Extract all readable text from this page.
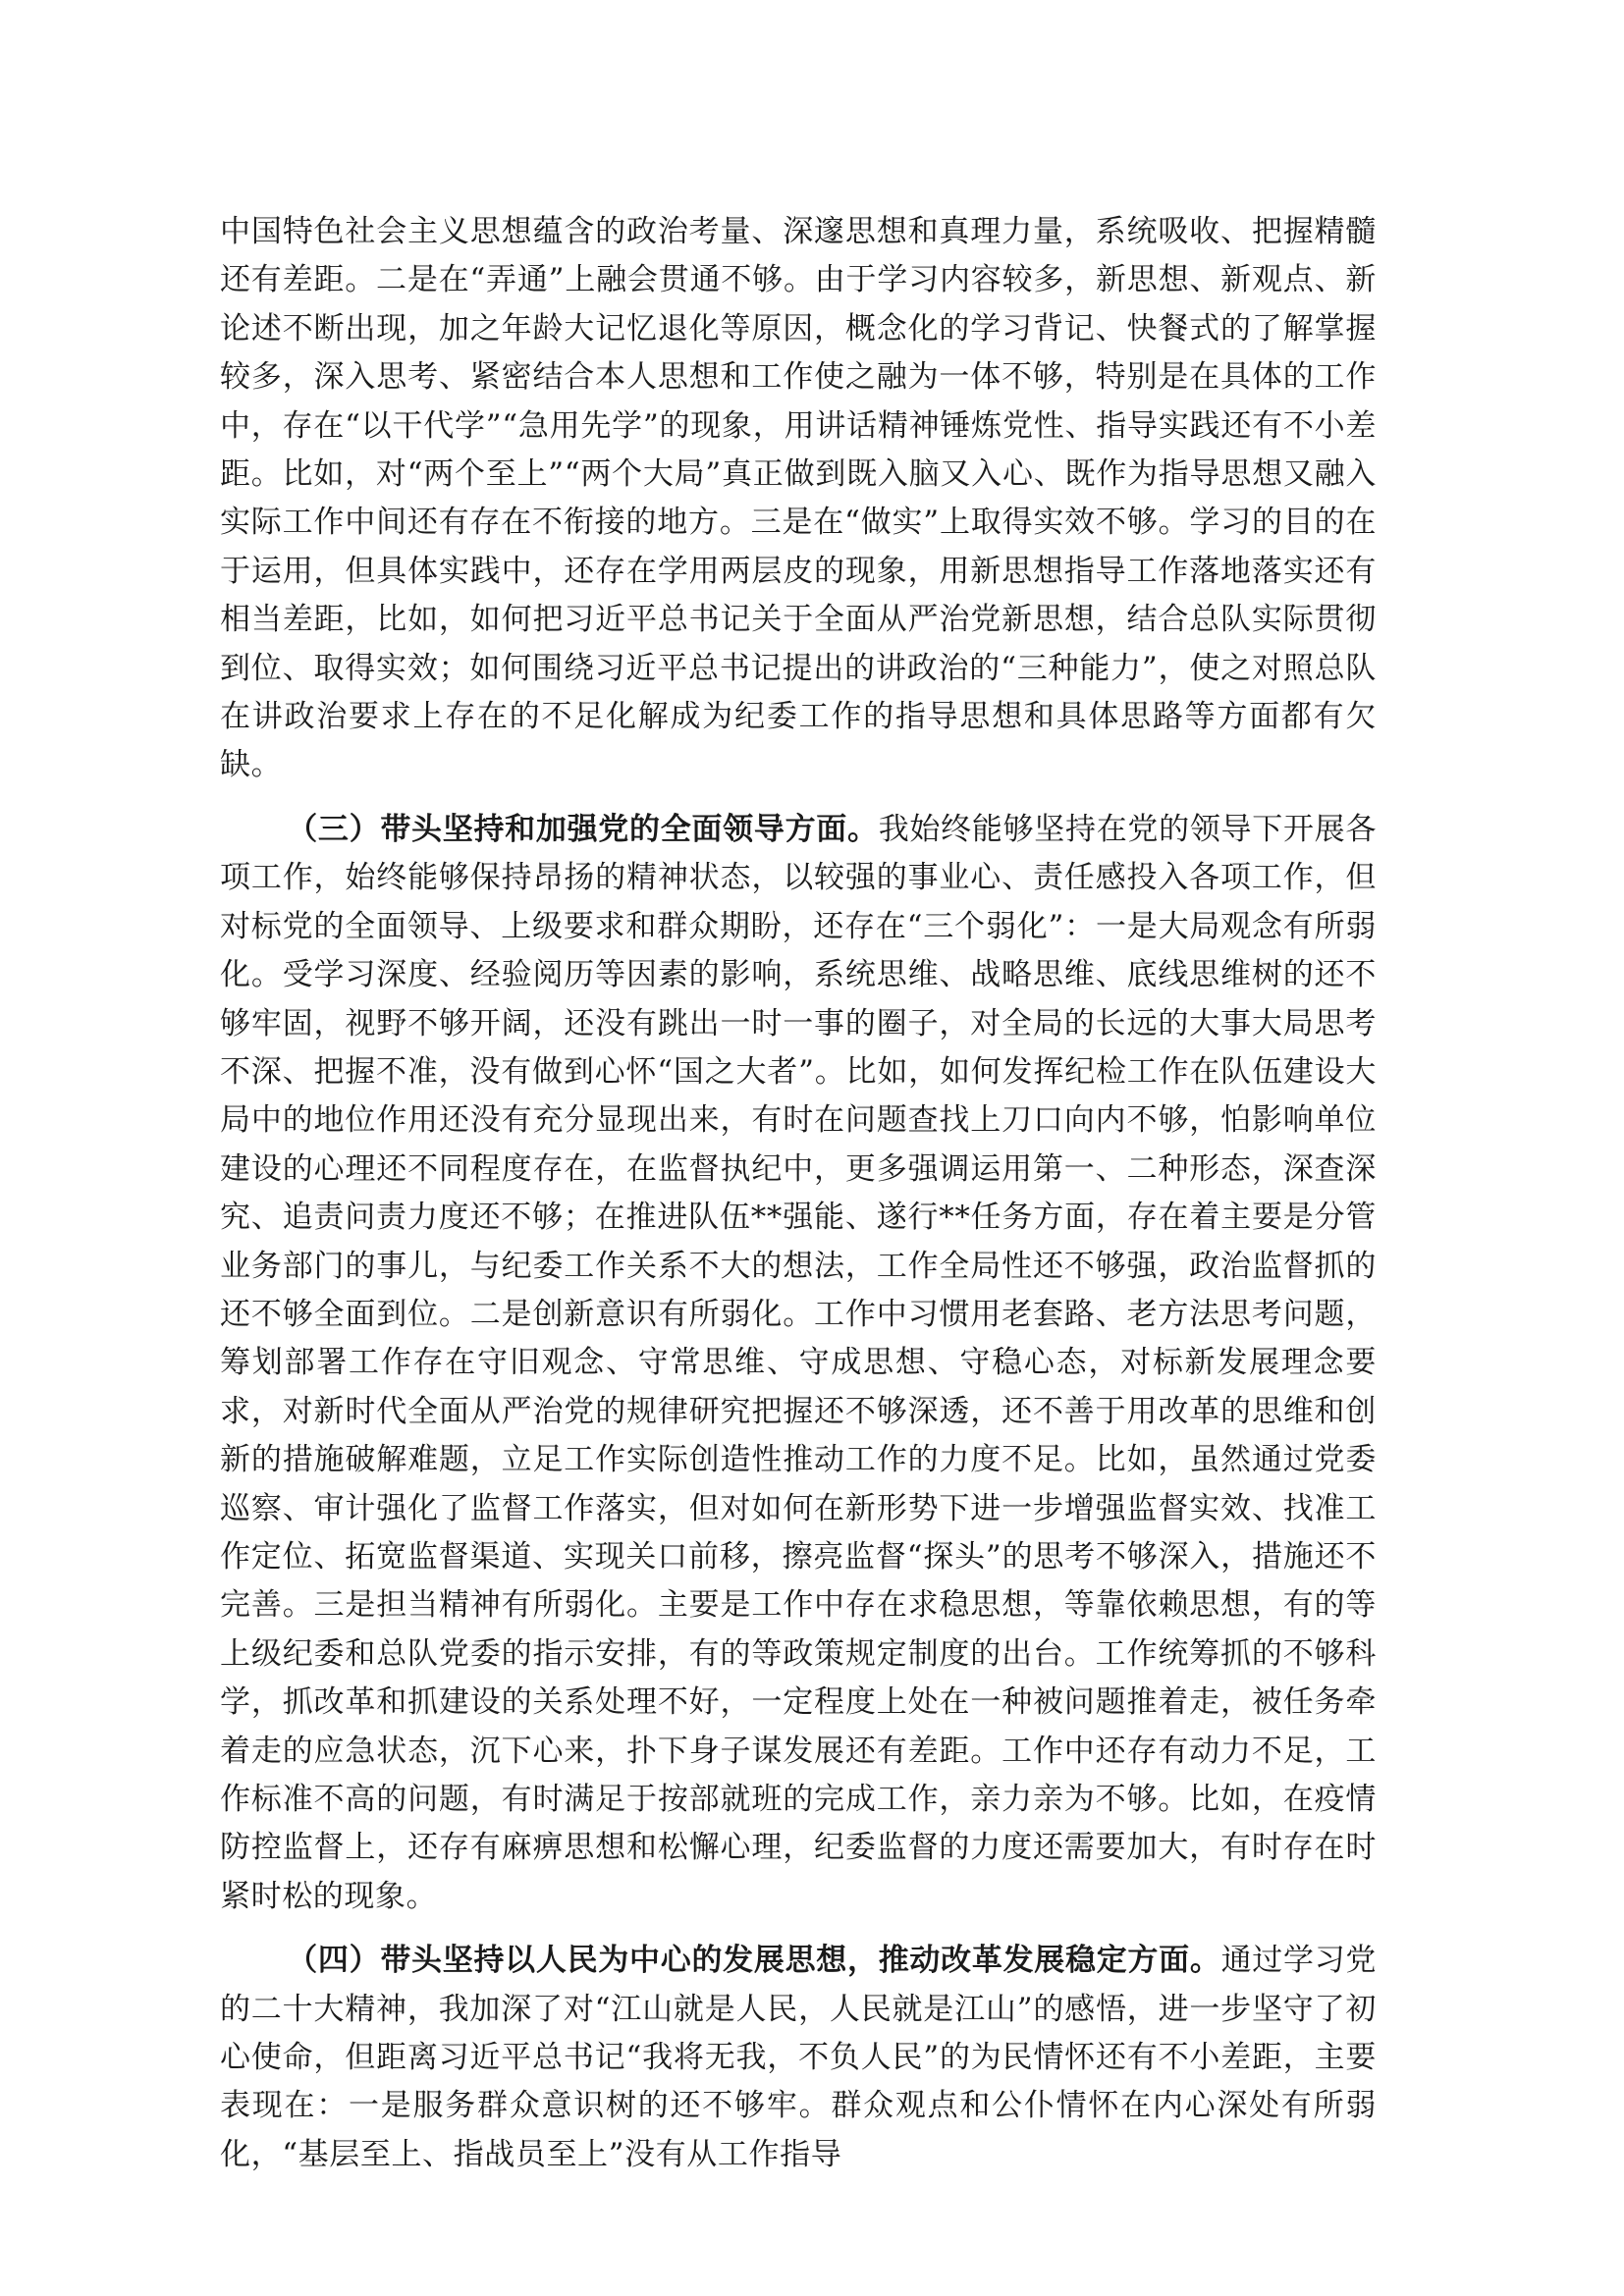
中国特色社会主义思想蕴含的政治考量、深邃思想和真理力量，系统吸收、把握精髓还有差距。二是在“弄通”上融会贯通不够。由于学习内容较多，新思想、新观点、新论述不断出现，加之年龄大记忆退化等原因，概念化的学习背记、快餐式的了解掌握较多，深入思考、紧密结合本人思想和工作使之融为一体不够，特别是在具体的工作中，存在“以干代学”“急用先学”的现象，用讲话精神锤炼党性、指导实践还有不小差距。比如，对“两个至上”“两个大局”真正做到既入脑又入心、既作为指导思想又融入实际工作中间还有存在不衔接的地方。三是在“做实”上取得实效不够。学习的目的在于运用，但具体实践中，还存在学用两层皮的现象，用新思想指导工作落地落实还有相当差距，比如，如何把习近平总书记关于全面从严治党新思想，结合总队实际贯彻到位、取得实效；如何围绕习近平总书记提出的讲政治的“三种能力”，使之对照总队在讲政治要求上存在的不足化解成为纪委工作的指导思想和具体思路等方面都有欠缺。

（三）带头坚持和加强党的全面领导方面。我始终能够坚持在党的领导下开展各项工作，始终能够保持昂扬的精神状态，以较强的事业心、责任感投入各项工作，但对标党的全面领导、上级要求和群众期盼，还存在“三个弱化”：一是大局观念有所弱化。受学习深度、经验阅历等因素的影响，系统思维、战略思维、底线思维树的还不够牢固，视野不够开阔，还没有跳出一时一事的圈子，对全局的长远的大事大局思考不深、把握不准，没有做到心怀“国之大者”。比如，如何发挥纪检工作在队伍建设大局中的地位作用还没有充分显现出来，有时在问题查找上刀口向内不够，怕影响单位建设的心理还不同程度存在，在监督执纪中，更多强调运用第一、二种形态，深查深究、追责问责力度还不够；在推进队伍**强能、遂行**任务方面，存在着主要是分管业务部门的事儿，与纪委工作关系不大的想法，工作全局性还不够强，政治监督抓的还不够全面到位。二是创新意识有所弱化。工作中习惯用老套路、老方法思考问题，筹划部署工作存在守旧观念、守常思维、守成思想、守稳心态，对标新发展理念要求，对新时代全面从严治党的规律研究把握还不够深透，还不善于用改革的思维和创新的措施破解难题，立足工作实际创造性推动工作的力度不足。比如，虽然通过党委巡察、审计强化了监督工作落实，但对如何在新形势下进一步增强监督实效、找准工作定位、拓宽监督渠道、实现关口前移，擦亮监督“探头”的思考不够深入，措施还不完善。三是担当精神有所弱化。主要是工作中存在求稳思想，等靠依赖思想，有的等上级纪委和总队党委的指示安排，有的等政策规定制度的出台。工作统筹抓的不够科学，抓改革和抓建设的关系处理不好，一定程度上处在一种被问题推着走，被任务牵着走的应急状态，沉下心来，扑下身子谋发展还有差距。工作中还存有动力不足，工作标准不高的问题，有时满足于按部就班的完成工作，亲力亲为不够。比如，在疫情防控监督上，还存有麻痹思想和松懈心理，纪委监督的力度还需要加大，有时存在时紧时松的现象。

（四）带头坚持以人民为中心的发展思想，推动改革发展稳定方面。通过学习党的二十大精神，我加深了对“江山就是人民，人民就是江山”的感悟，进一步坚守了初心使命，但距离习近平总书记“我将无我，不负人民”的为民情怀还有不小差距，主要表现在：一是服务群众意识树的还不够牢。群众观点和公仆情怀在内心深处有所弱化，“基层至上、指战员至上”没有从工作指导
